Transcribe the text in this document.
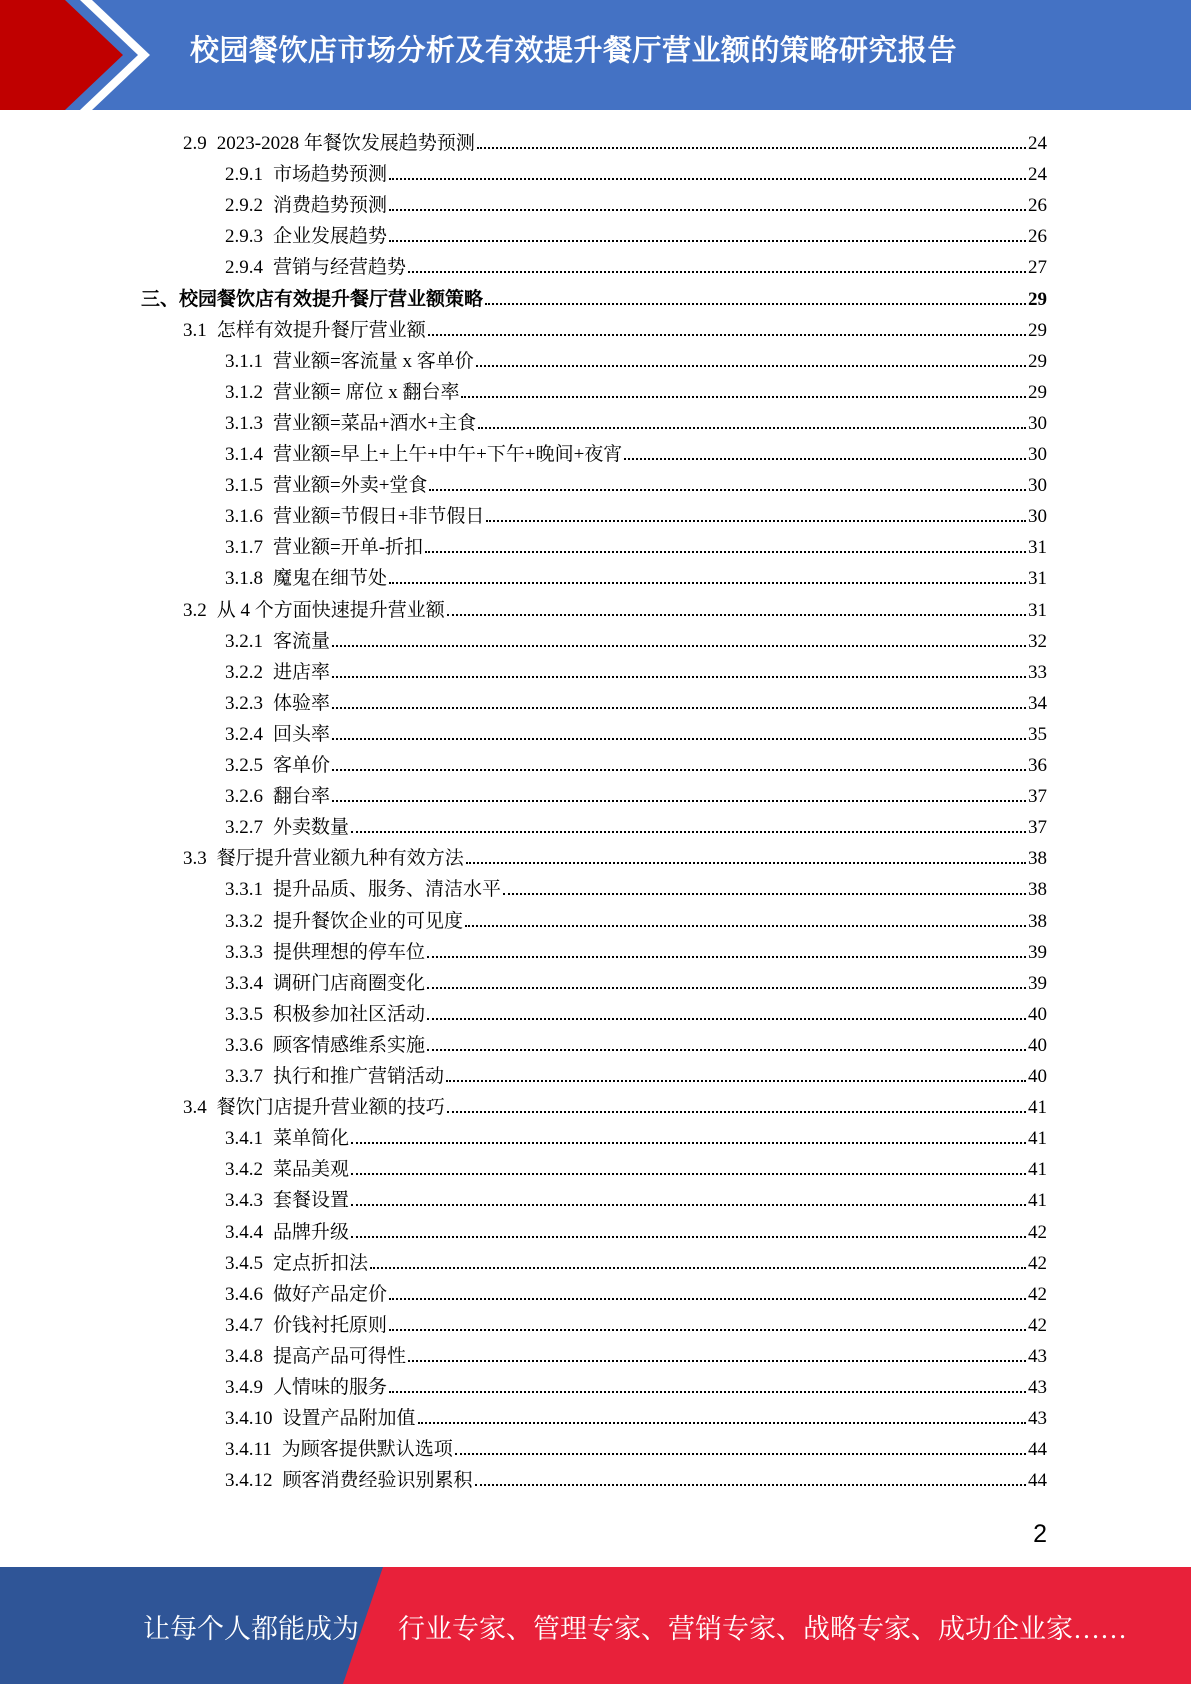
校园餐饮店市场分析及有效提升餐厅营业额的策略研究报告
2.9 2023-2028 年餐饮发展趋势预测	24
2.9.1 市场趋势预测	24
2.9.2 消费趋势预测	26
2.9.3 企业发展趋势	26
2.9.4 营销与经营趋势	27
三、校园餐饮店有效提升餐厅营业额策略	29
3.1 怎样有效提升餐厅营业额	29
3.1.1 营业额=客流量 x 客单价	29
3.1.2 营业额= 席位 x 翻台率	29
3.1.3 营业额=菜品+酒水+主食	30
3.1.4 营业额=早上+上午+中午+下午+晚间+夜宵	30
3.1.5 营业额=外卖+堂食	30
3.1.6 营业额=节假日+非节假日	30
3.1.7 营业额=开单-折扣	31
3.1.8 魔鬼在细节处	31
3.2 从 4 个方面快速提升营业额	31
3.2.1 客流量	32
3.2.2 进店率	33
3.2.3 体验率	34
3.2.4 回头率	35
3.2.5 客单价	36
3.2.6 翻台率	37
3.2.7 外卖数量	37
3.3 餐厅提升营业额九种有效方法	38
3.3.1 提升品质、服务、清洁水平	38
3.3.2 提升餐饮企业的可见度	38
3.3.3 提供理想的停车位	39
3.3.4 调研门店商圈变化	39
3.3.5 积极参加社区活动	40
3.3.6 顾客情感维系实施	40
3.3.7 执行和推广营销活动	40
3.4 餐饮门店提升营业额的技巧	41
3.4.1 菜单简化	41
3.4.2 菜品美观	41
3.4.3 套餐设置	41
3.4.4 品牌升级	42
3.4.5 定点折扣法	42
3.4.6 做好产品定价	42
3.4.7 价钱衬托原则	42
3.4.8 提高产品可得性	43
3.4.9 人情味的服务	43
3.4.10 设置产品附加值	43
3.4.11 为顾客提供默认选项	44
3.4.12 顾客消费经验识别累积	44
2
让每个人都能成为 行业专家、管理专家、营销专家、战略专家、成功企业家……
